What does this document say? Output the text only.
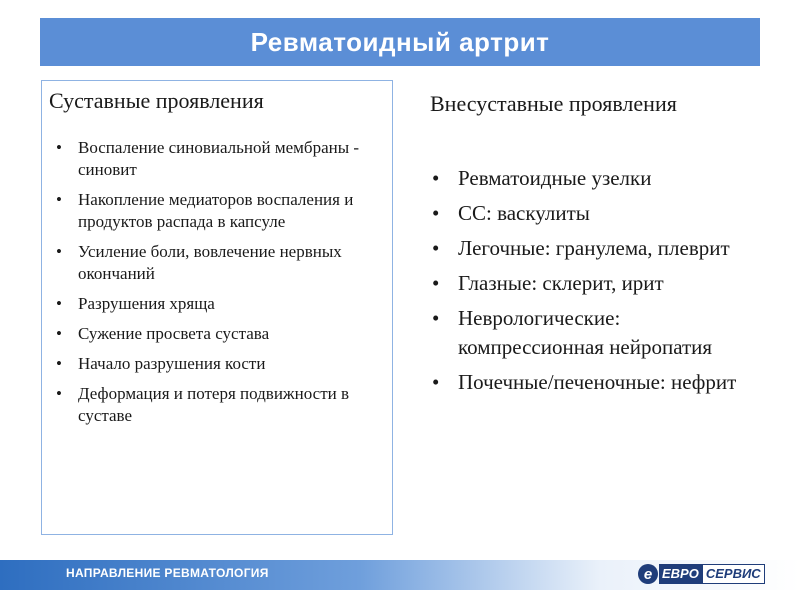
Ревматоидный артрит
Суставные проявления
• Воспаление синовиальной мембраны - синовит
• Накопление медиаторов воспаления и продуктов распада в капсуле
• Усиление боли, вовлечение нервных окончаний
• Разрушения хряща
• Сужение просвета сустава
• Начало разрушения кости
• Деформация и потеря подвижности в суставе
Внесуставные проявления
• Ревматоидные узелки
• СС: васкулиты
• Легочные: гранулема, плеврит
• Глазные: склерит, ирит
• Неврологические: компрессионная нейропатия
• Почечные/печеночные: нефрит
НАПРАВЛЕНИЕ РЕВМАТОЛОГИЯ	e ЕВРО СЕРВИС
